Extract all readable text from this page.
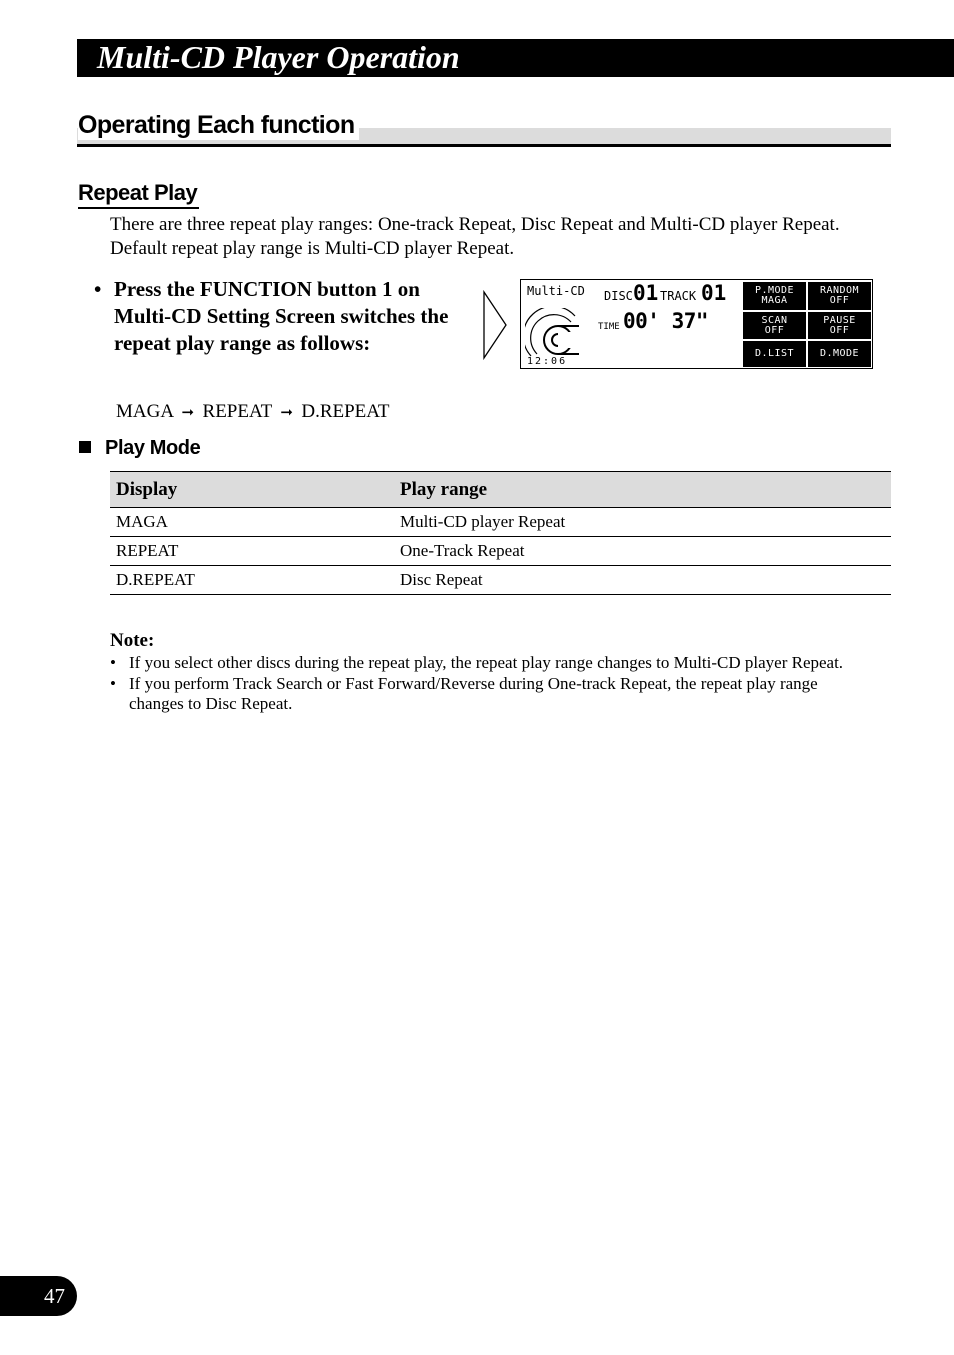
Multi-CD Player Operation
Operating Each function
Repeat Play
There are three repeat play ranges: One-track Repeat, Disc Repeat and Multi-CD player Repeat. Default repeat play range is Multi-CD player Repeat.
• Press the FUNCTION button 1 on Multi-CD Setting Screen switches the repeat play range as follows:
MAGA ➞ REPEAT ➞ D.REPEAT
Multi-CD DISC 01 TRACK 01
TIME 00' 37"
12:06
P.MODE
MAGA
RANDOM
OFF
SCAN
OFF
PAUSE
OFF
D.LIST	D.MODE
Play Mode
Display	Play range
MAGA	Multi-CD player Repeat
REPEAT	One-Track Repeat
D.REPEAT	Disc Repeat
Note:
• If you select other discs during the repeat play, the repeat play range changes to Multi-CD player Repeat.
• If you perform Track Search or Fast Forward/Reverse during One-track Repeat, the repeat play range changes to Disc Repeat.
47
